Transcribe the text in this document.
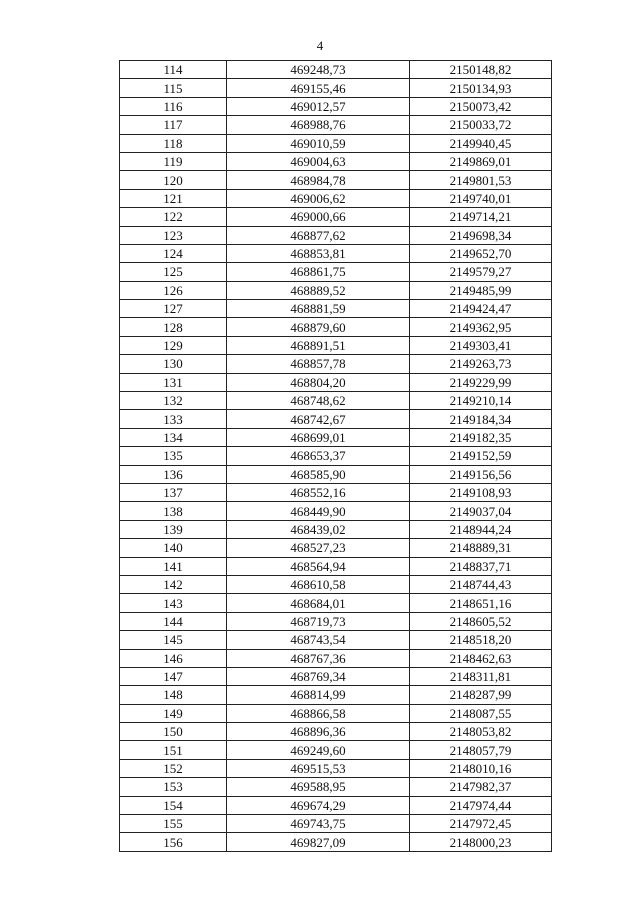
4
114	469248,73	2150148,82
115	469155,46	2150134,93
116	469012,57	2150073,42
117	468988,76	2150033,72
118	469010,59	2149940,45
119	469004,63	2149869,01
120	468984,78	2149801,53
121	469006,62	2149740,01
122	469000,66	2149714,21
123	468877,62	2149698,34
124	468853,81	2149652,70
125	468861,75	2149579,27
126	468889,52	2149485,99
127	468881,59	2149424,47
128	468879,60	2149362,95
129	468891,51	2149303,41
130	468857,78	2149263,73
131	468804,20	2149229,99
132	468748,62	2149210,14
133	468742,67	2149184,34
134	468699,01	2149182,35
135	468653,37	2149152,59
136	468585,90	2149156,56
137	468552,16	2149108,93
138	468449,90	2149037,04
139	468439,02	2148944,24
140	468527,23	2148889,31
141	468564,94	2148837,71
142	468610,58	2148744,43
143	468684,01	2148651,16
144	468719,73	2148605,52
145	468743,54	2148518,20
146	468767,36	2148462,63
147	468769,34	2148311,81
148	468814,99	2148287,99
149	468866,58	2148087,55
150	468896,36	2148053,82
151	469249,60	2148057,79
152	469515,53	2148010,16
153	469588,95	2147982,37
154	469674,29	2147974,44
155	469743,75	2147972,45
156	469827,09	2148000,23
